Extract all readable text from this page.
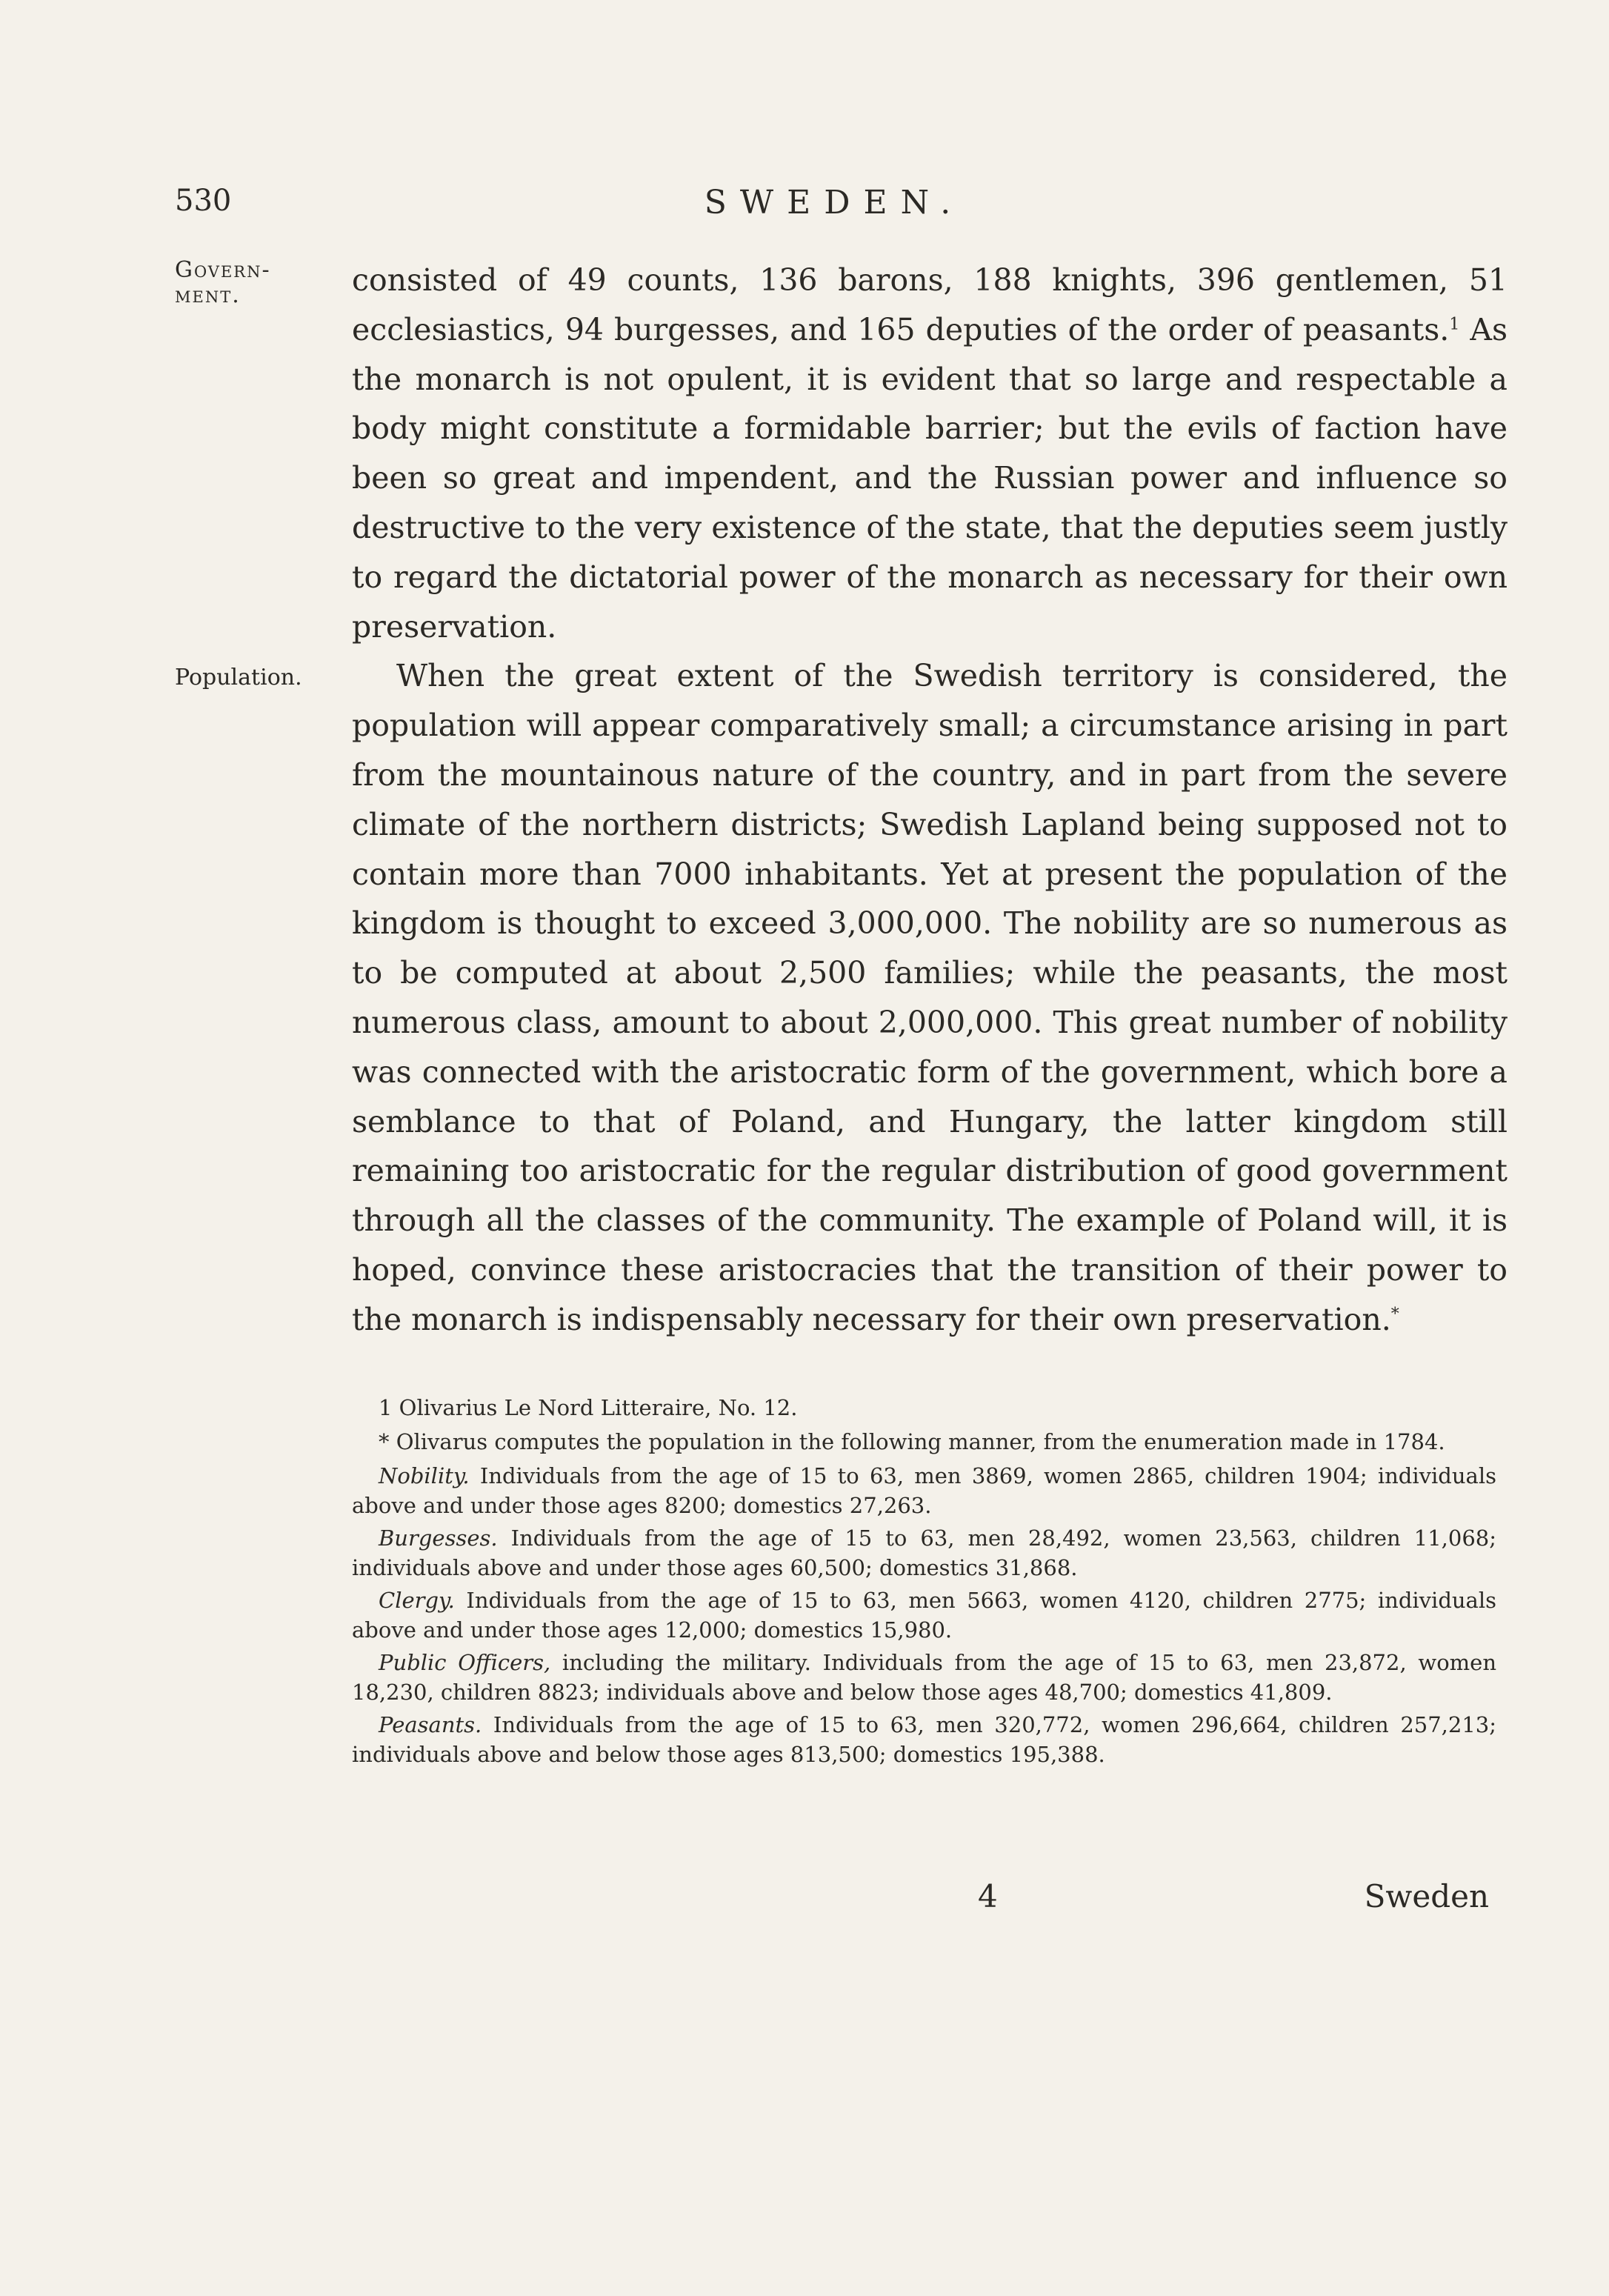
530	SWEDEN.
Govern-ment.
Population.

consisted of 49 counts, 136 barons, 188 knights, 396 gentlemen, 51 ecclesiastics, 94 burgesses, and 165 deputies of the order of peasants.$^1$ As the monarch is not opulent, it is evident that so large and respectable a body might constitute a formidable barrier; but the evils of faction have been so great and impendent, and the Russian power and influence so destructive to the very existence of the state, that the deputies seem justly to regard the dictatorial power of the monarch as necessary for their own preservation.

When the great extent of the Swedish territory is considered, the population will appear comparatively small; a circumstance arising in part from the mountainous nature of the country, and in part from the severe climate of the northern districts; Swedish Lapland being supposed not to contain more than 7000 inhabitants. Yet at present the population of the kingdom is thought to exceed 3,000,000. The nobility are so numerous as to be computed at about 2,500 families; while the peasants, the most numerous class, amount to about 2,000,000. This great number of nobility was connected with the aristocratic form of the government, which bore a semblance to that of Poland, and Hungary, the latter kingdom still remaining too aristocratic for the regular distribution of good government through all the classes of the community. The example of Poland will, it is hoped, convince these aristocracies that the transition of their power to the monarch is indispensably necessary for their own preservation.*

1 Olivarius Le Nord Litteraire, No. 12.

* Olivarus computes the population in the following manner, from the enumeration made in 1784.

Nobility. Individuals from the age of 15 to 63, men 3869, women 2865, children 1904; individuals above and under those ages 8200; domestics 27,263.

Burgesses. Individuals from the age of 15 to 63, men 28,492, women 23,563, children 11,068; individuals above and under those ages 60,500; domestics 31,868.

Clergy. Individuals from the age of 15 to 63, men 5663, women 4120, children 2775; individuals above and under those ages 12,000; domestics 15,980.

Public Officers, including the military. Individuals from the age of 15 to 63, men 23,872, women 18,230, children 8823; individuals above and below those ages 48,700; domestics 41,809.

Peasants. Individuals from the age of 15 to 63, men 320,772, women 296,664, children 257,213; individuals above and below those ages 813,500; domestics 195,388.

4	Sweden
